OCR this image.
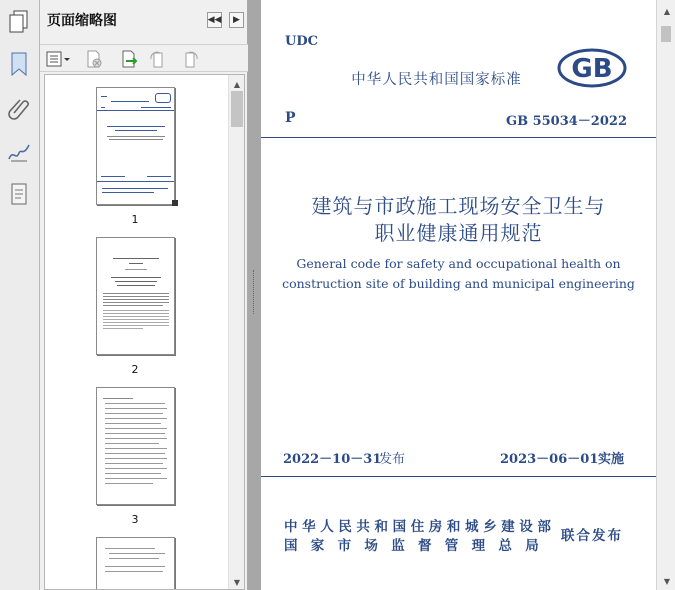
页面缩略图	◀◀	▶
1
2
3
▲
▼
UDC
中华人民共和国国家标准	GB
P	GB 55034－2022
建筑与市政施工现场安全卫生与
职业健康通用规范
General code for safety and occupational health on
construction site of building and municipal engineering
2022－10－31
发布	2023－06－01 实施
中华人民共和国住房和城乡建设部
国家市场监督管理总局
联合发布
▲
▼
